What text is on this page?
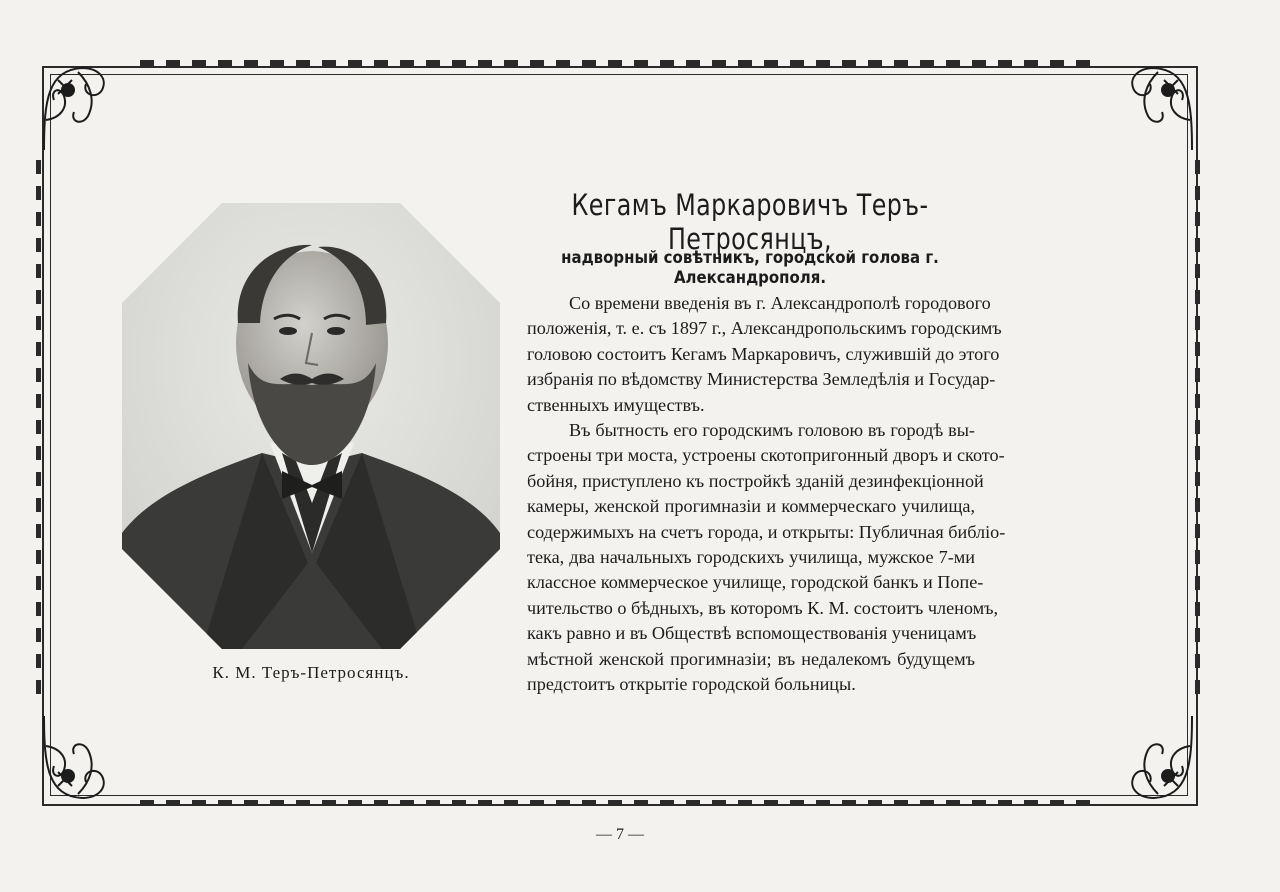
К. М. Теръ-Петросянцъ.
Кегамъ Маркаровичъ Теръ-Петросянцъ,
надворный совѣтникъ, городской голова г. Александрополя.
Со времени введенія въ г. Александрополѣ городового
положенія, т. е. съ 1897 г., Александропольскимъ городскимъ
головою состоитъ Кегамъ Маркаровичъ, служившій до этого
избранія по вѣдомству Министерства Земледѣлія и Государ-
ственныхъ имуществъ.
Въ бытность его городскимъ головою въ городѣ вы-
строены три моста, устроены скотопригонный дворъ и ското-
бойня, приступлено къ постройкѣ зданій дезинфекціонной
камеры, женской прогимназіи и коммерческаго училища,
содержимыхъ на счетъ города, и открыты: Публичная библіо-
тека, два начальныхъ городскихъ училища, мужское 7-ми
классное коммерческое училище, городской банкъ и Попе-
чительство о бѣдныхъ, въ которомъ К. М. состоитъ членомъ,
какъ равно и въ Обществѣ вспомоществованія ученицамъ
мѣстной женской прогимназіи; въ недалекомъ будущемъ
предстоитъ открытіе городской больницы.
— 7 —
